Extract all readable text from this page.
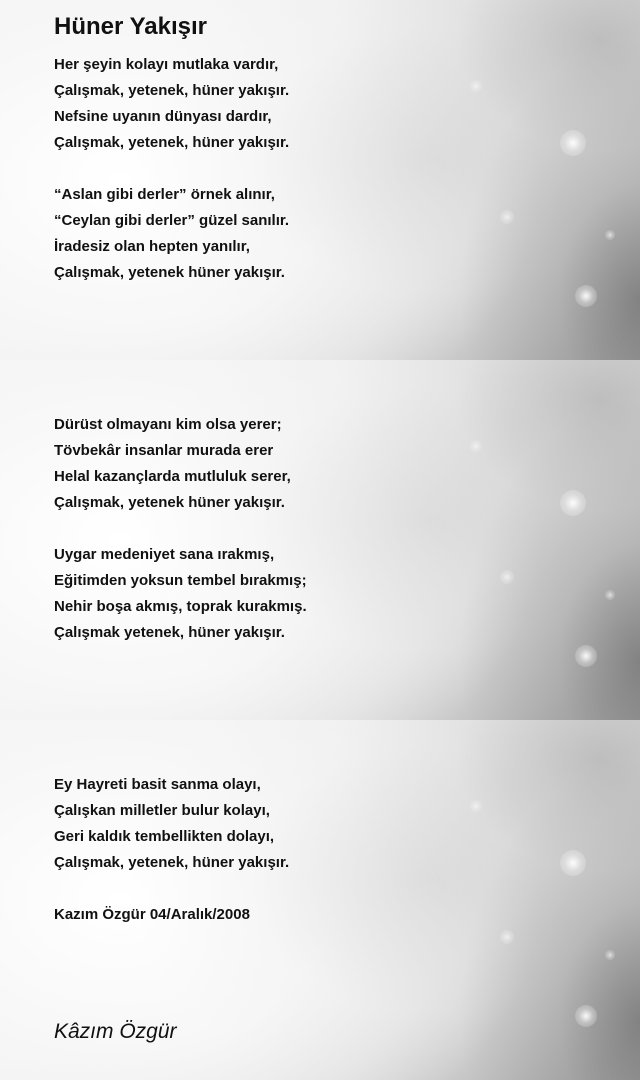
Hüner Yakışır
Her şeyin kolayı mutlaka vardır,
Çalışmak, yetenek, hüner yakışır.
Nefsine uyanın dünyası dardır,
Çalışmak, yetenek, hüner yakışır.
“Aslan gibi derler” örnek alınır,
“Ceylan gibi derler” güzel sanılır.
İradesiz olan hepten yanılır,
Çalışmak, yetenek hüner yakışır.
Dürüst olmayanı kim olsa yerer;
Tövbekâr insanlar murada erer
Helal kazançlarda mutluluk serer,
Çalışmak, yetenek hüner yakışır.
Uygar medeniyet sana ırakmış,
Eğitimden yoksun tembel bırakmış;
Nehir boşa akmış, toprak kurakmış.
Çalışmak yetenek, hüner yakışır.
Ey Hayreti basit sanma olayı,
Çalışkan milletler bulur kolayı,
Geri kaldık tembellikten dolayı,
Çalışmak, yetenek, hüner yakışır.

Kazım Özgür 04/Aralık/2008

Kâzım Özgür
